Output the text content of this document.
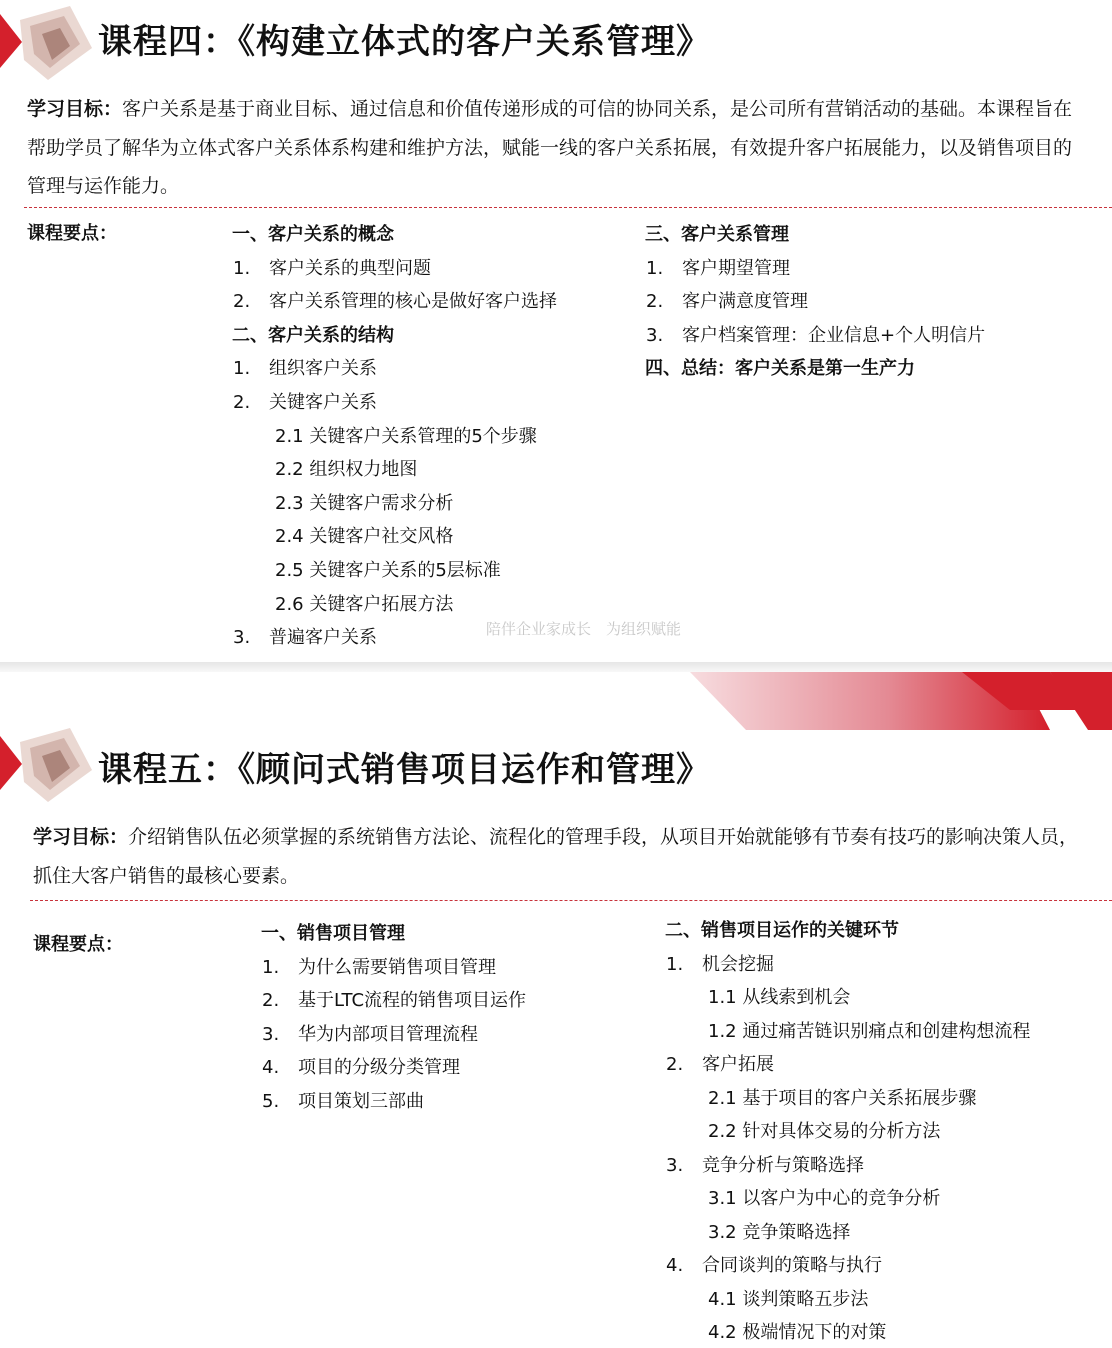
课程四：《构建立体式的客户关系管理》
学习目标：客户关系是基于商业目标、通过信息和价值传递形成的可信的协同关系，是公司所有营销活动的基础。本课程旨在帮助学员了解华为立体式客户关系体系构建和维护方法，赋能一线的客户关系拓展，有效提升客户拓展能力，以及销售项目的管理与运作能力。
课程要点：	一、客户关系的概念
1. 客户关系的典型问题
2. 客户关系管理的核心是做好客户选择
二、客户关系的结构
1. 组织客户关系
2. 关键客户关系
2.1 关键客户关系管理的5个步骤
2.2 组织权力地图
2.3 关键客户需求分析
2.4 关键客户社交风格
2.5 关键客户关系的5层标准
2.6 关键客户拓展方法
3. 普遍客户关系
三、客户关系管理
1. 客户期望管理
2. 客户满意度管理
3. 客户档案管理：企业信息+个人明信片
四、总结：客户关系是第一生产力
陪伴企业家成长　为组织赋能
课程五：《顾问式销售项目运作和管理》
学习目标：介绍销售队伍必须掌握的系统销售方法论、流程化的管理手段，从项目开始就能够有节奏有技巧的影响决策人员，抓住大客户销售的最核心要素。
课程要点：
一、销售项目管理
1. 为什么需要销售项目管理
2. 基于LTC流程的销售项目运作
3. 华为内部项目管理流程
4. 项目的分级分类管理
5. 项目策划三部曲
二、销售项目运作的关键环节
1. 机会挖掘
1.1 从线索到机会
1.2 通过痛苦链识别痛点和创建构想流程
2. 客户拓展
2.1 基于项目的客户关系拓展步骤
2.2 针对具体交易的分析方法
3. 竞争分析与策略选择
3.1 以客户为中心的竞争分析
3.2 竞争策略选择
4. 合同谈判的策略与执行
4.1 谈判策略五步法
4.2 极端情况下的对策
